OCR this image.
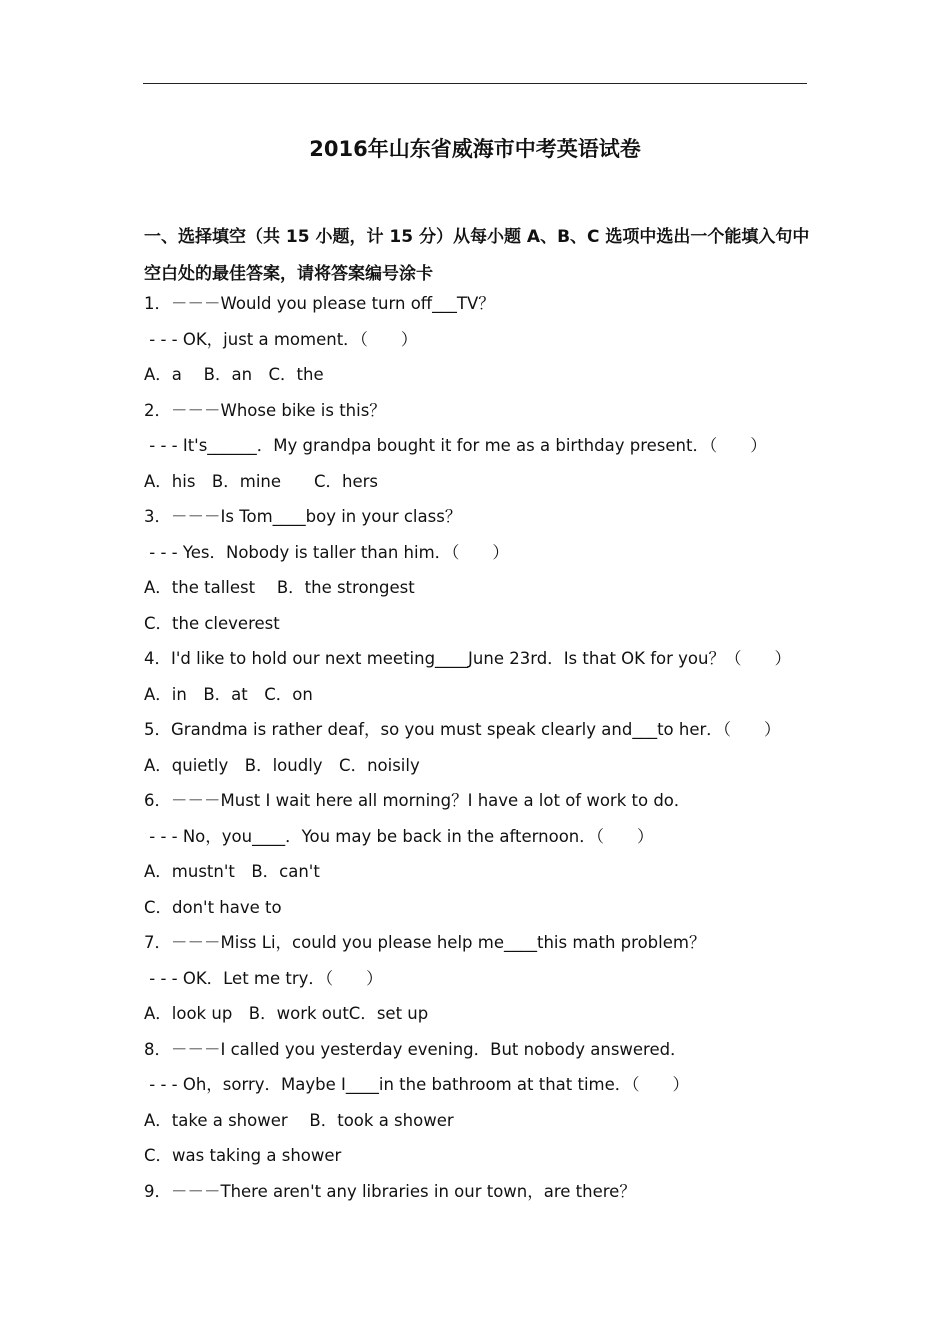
2016年山东省威海市中考英语试卷
一、选择填空（共 15 小题，计 15 分）从每小题 A、B、C 选项中选出一个能填入句中空白处的最佳答案，请将答案编号涂卡
1．－－－Would you please turn off___TV？
- - - OK，just a moment．（　　）
A．a　 B．an　C．the
2．－－－Whose bike is this？
- - - It's______．My grandpa bought it for me as a birthday present．（　　）
A．his　B．mine　　C．hers
3．－－－Is Tom____boy in your class？
- - - Yes．Nobody is taller than him．（　　）
A．the tallest　 B．the strongest
C．the cleverest
4．I'd like to hold our next meeting____June 23rd．Is that OK for you？（　　）
A．in　B．at　C．on
5．Grandma is rather deaf，so you must speak clearly and___to her．（　　）
A．quietly　B．loudly　C．noisily
6．－－－Must I wait here all morning？I have a lot of work to do．
- - - No，you____．You may be back in the afternoon．（　　）
A．mustn't　B．can't
C．don't have to
7．－－－Miss Li，could you please help me____this math problem？
- - - OK．Let me try．（　　）
A．look up　B．work outC．set up
8．－－－I called you yesterday evening．But nobody answered．
- - - Oh，sorry．Maybe I____in the bathroom at that time．（　　）
A．take a shower　 B．took a shower
C．was taking a shower
9．－－－There aren't any libraries in our town，are there？
